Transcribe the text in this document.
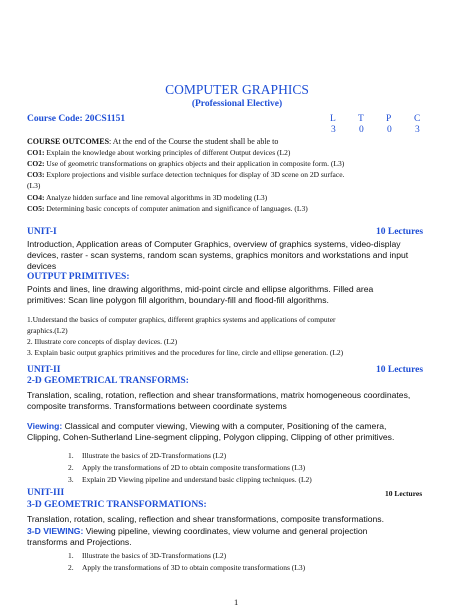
COMPUTER GRAPHICS
(Professional Elective)
Course Code: 20CS1151	L T P C
3 0 0 3
COURSE OUTCOMES: At the end of the Course the student shall be able to
CO1: Explain the knowledge about working principles of different Output devices (L2)
CO2: Use of geometric transformations on graphics objects and their application in composite form. (L3)
CO3: Explore projections and visible surface detection techniques for display of 3D scene on 2D surface.
(L3)
CO4: Analyze hidden surface and line removal algorithms in 3D modeling (L3)
CO5: Determining basic concepts of computer animation and significance of languages. (L3)
UNIT-I	10 Lectures
Introduction, Application areas of Computer Graphics, overview of graphics systems, video-display
devices, raster - scan systems, random scan systems, graphics monitors and workstations and input
devices
OUTPUT PRIMITIVES:
Points and lines, line drawing algorithms, mid-point circle and ellipse algorithms. Filled area
primitives: Scan line polygon fill algorithm, boundary-fill and flood-fill algorithms.
1.Understand the basics of computer graphics, different graphics systems and applications of computer
graphics.(L2)
2. Illustrate core concepts of display devices. (L2)
3. Explain basic output graphics primitives and the procedures for line, circle and ellipse generation. (L2)
UNIT-II	10 Lectures
2-D GEOMETRICAL TRANSFORMS:
Translation, scaling, rotation, reflection and shear transformations, matrix homogeneous coordinates,
composite transforms. Transformations between coordinate systems
Viewing: Classical and computer viewing, Viewing with a computer, Positioning of the camera,
Clipping, Cohen-Sutherland Line-segment clipping, Polygon clipping, Clipping of other primitives.
1. Illustrate the basics of 2D-Transformations (L2)
2. Apply the transformations of 2D to obtain composite transformations (L3)
3. Explain 2D Viewing pipeline and understand basic clipping techniques. (L2)
UNIT-III	10 Lectures
3-D GEOMETRIC TRANSFORMATIONS:
Translation, rotation, scaling, reflection and shear transformations, composite transformations.
3-D VIEWING: Viewing pipeline, viewing coordinates, view volume and general projection
transforms and Projections.
1. Illustrate the basics of 3D-Transformations (L2)
2. Apply the transformations of 3D to obtain composite transformations (L3)
1
